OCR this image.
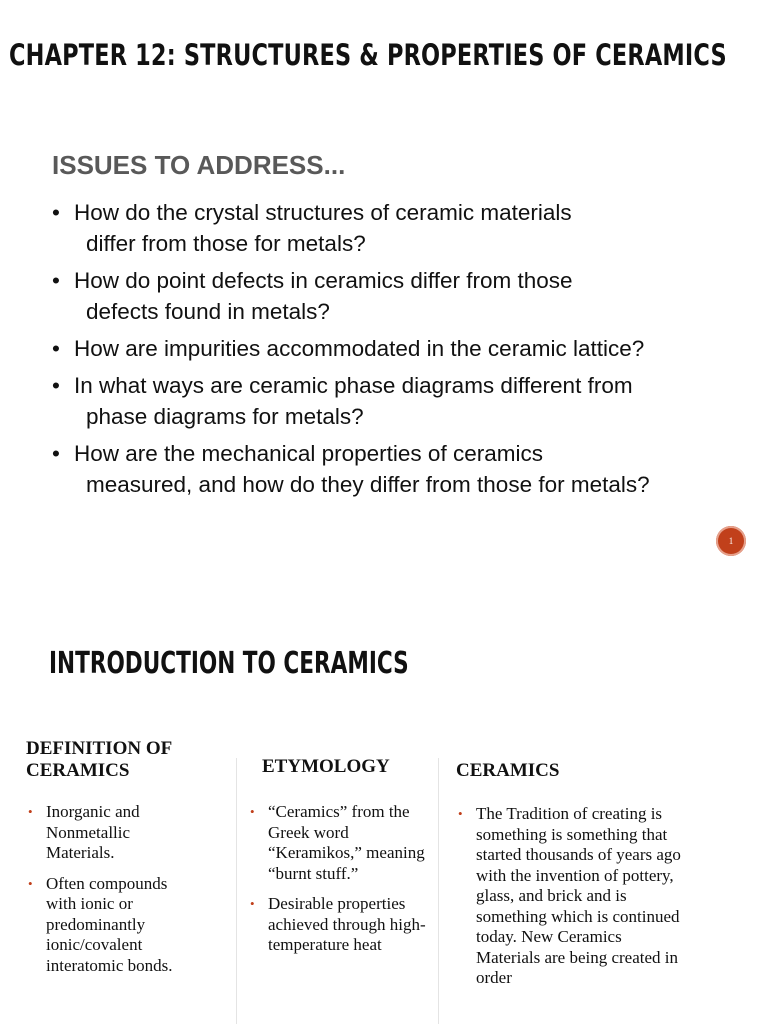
CHAPTER 12: STRUCTURES & PROPERTIES OF CERAMICS
ISSUES TO ADDRESS...
• How do the crystal structures of ceramic materials
differ from those for metals?
• How do point defects in ceramics differ from those
defects found in metals?
• How are impurities accommodated in the ceramic lattice?
• In what ways are ceramic phase diagrams different from
phase diagrams for metals?
• How are the mechanical properties of ceramics
measured, and how do they differ from those for metals?
1
INTRODUCTION TO CERAMICS
DEFINITION OF CERAMICS
• Inorganic and Nonmetallic Materials.
• Often compounds with ionic or predominantly ionic/covalent interatomic bonds.
ETYMOLOGY
• “Ceramics” from the Greek word “Keramikos,” meaning “burnt stuff.”
• Desirable properties achieved through high-temperature heat
CERAMICS
• The Tradition of creating is something is something that started thousands of years ago with the invention of pottery, glass, and brick and is something which is continued today. New Ceramics Materials are being created in order
